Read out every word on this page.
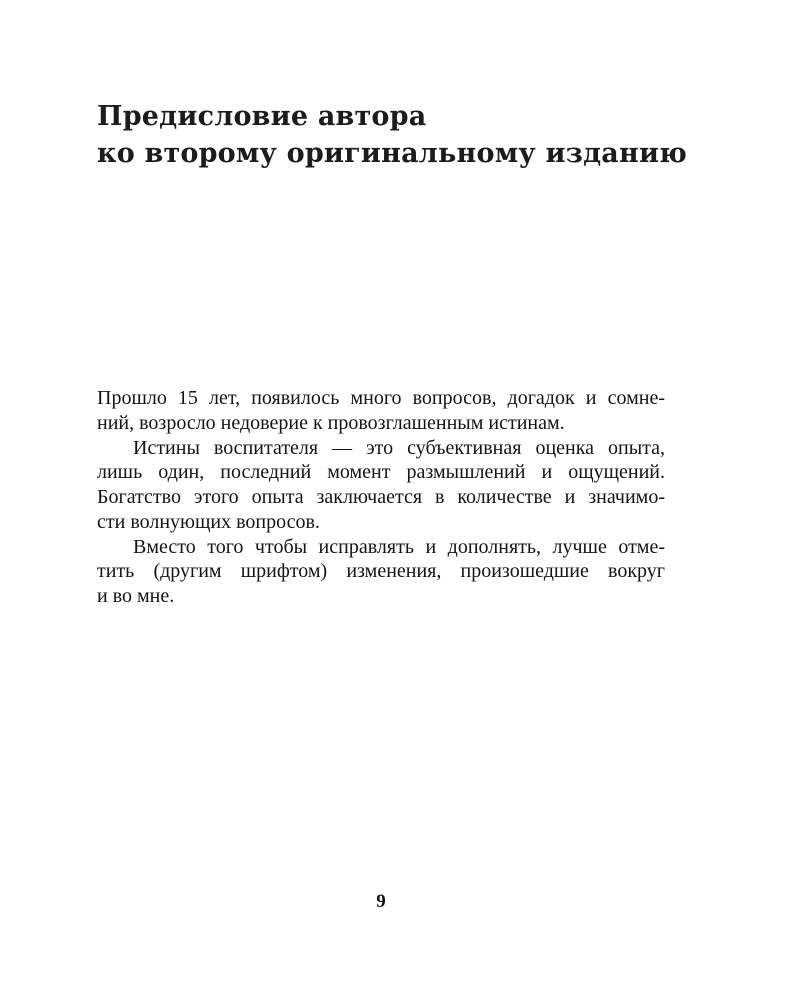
Предисловие автора
ко второму оригинальному изданию
Прошло 15 лет, появилось много вопросов, догадок и сомне-
ний, возросло недоверие к провозглашенным истинам.
Истины воспитателя — это субъективная оценка опыта,
лишь один, последний момент размышлений и ощущений.
Богатство этого опыта заключается в количестве и значимо-
сти волнующих вопросов.
Вместо того чтобы исправлять и дополнять, лучше отме-
тить (другим шрифтом) изменения, произошедшие вокруг
и во мне.
9
